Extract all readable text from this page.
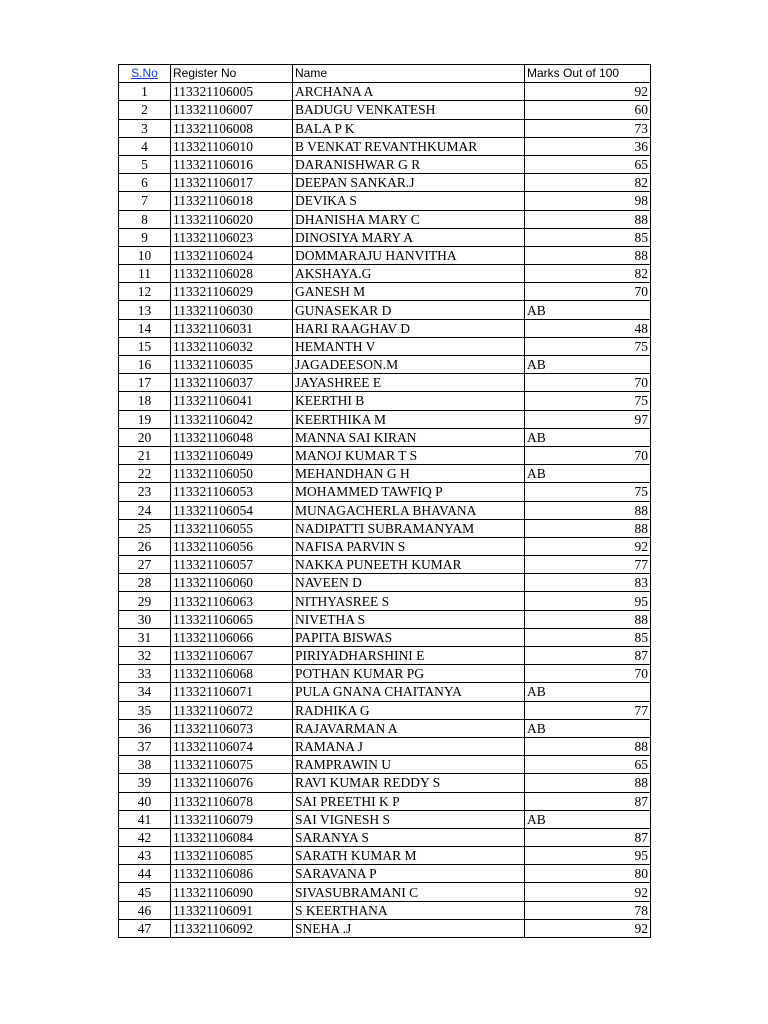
S.No	Register No	Name	Marks Out of 100
1	113321106005	ARCHANA A	92
2	113321106007	BADUGU VENKATESH	60
3	113321106008	BALA P K	73
4	113321106010	B VENKAT REVANTHKUMAR	36
5	113321106016	DARANISHWAR G R	65
6	113321106017	DEEPAN SANKAR.J	82
7	113321106018	DEVIKA S	98
8	113321106020	DHANISHA MARY C	88
9	113321106023	DINOSIYA MARY A	85
10	113321106024	DOMMARAJU HANVITHA	88
11	113321106028	AKSHAYA.G	82
12	113321106029	GANESH M	70
13	113321106030	GUNASEKAR D	AB
14	113321106031	HARI RAAGHAV D	48
15	113321106032	HEMANTH V	75
16	113321106035	JAGADEESON.M	AB
17	113321106037	JAYASHREE E	70
18	113321106041	KEERTHI B	75
19	113321106042	KEERTHIKA M	97
20	113321106048	MANNA SAI KIRAN	AB
21	113321106049	MANOJ KUMAR T S	70
22	113321106050	MEHANDHAN G H	AB
23	113321106053	MOHAMMED TAWFIQ P	75
24	113321106054	MUNAGACHERLA BHAVANA	88
25	113321106055	NADIPATTI SUBRAMANYAM	88
26	113321106056	NAFISA PARVIN S	92
27	113321106057	NAKKA PUNEETH KUMAR	77
28	113321106060	NAVEEN D	83
29	113321106063	NITHYASREE S	95
30	113321106065	NIVETHA S	88
31	113321106066	PAPITA BISWAS	85
32	113321106067	PIRIYADHARSHINI E	87
33	113321106068	POTHAN KUMAR PG	70
34	113321106071	PULA GNANA CHAITANYA	AB
35	113321106072	RADHIKA G	77
36	113321106073	RAJAVARMAN A	AB
37	113321106074	RAMANA J	88
38	113321106075	RAMPRAWIN U	65
39	113321106076	RAVI KUMAR REDDY S	88
40	113321106078	SAI PREETHI K P	87
41	113321106079	SAI VIGNESH S	AB
42	113321106084	SARANYA S	87
43	113321106085	SARATH KUMAR M	95
44	113321106086	SARAVANA P	80
45	113321106090	SIVASUBRAMANI C	92
46	113321106091	S KEERTHANA	78
47	113321106092	SNEHA .J	92
